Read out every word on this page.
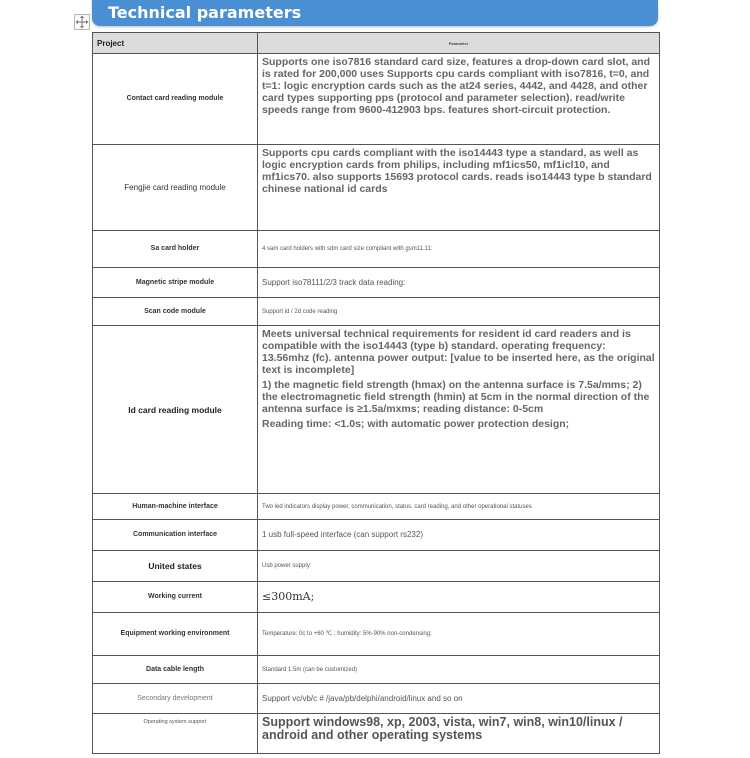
Technical parameters
Project	Parameter
Contact card reading module	Supports one iso7816 standard card size, features a drop-down card slot, and is rated for 200,000 uses Supports cpu cards compliant with iso7816, t=0, and t=1: logic encryption cards such as the at24 series, 4442, and 4428, and other card types supporting pps (protocol and parameter selection). read/write speeds range from 9600-412903 bps. features short-circuit protection.
Fengjie card reading module	Supports cpu cards compliant with the iso14443 type a standard, as well as logic encryption cards from philips, including mf1ics50, mf1icl10, and mf1ics70. also supports 15693 protocol cards. reads iso14443 type b standard chinese national id cards
Sa card holder	4 sam card holders with sdm card size compliant with gsm11.11:
Magnetic stripe module	Support iso78111/2/3 track data reading:
Scan code module	Support id / 2d code reading
Id card reading module	Meets universal technical requirements for resident id card readers and is compatible with the iso14443 (type b) standard. operating frequency: 13.56mhz (fc). antenna power output: [value to be inserted here, as the original text is incomplete]

1) the magnetic field strength (hmax) on the antenna surface is 7.5a/mms; 2) the electromagnetic field strength (hmin) at 5cm in the normal direction of the antenna surface is ≥1.5a/mxms; reading distance: 0-5cm

Reading time: <1.0s; with automatic power protection design;

Human-machine interface	Two led indicators display power, communication, status, card reading, and other operational statuses
Communication interface	1 usb full-speed interface (can support rs232)
United states	Usb power supply:
Working current	≤300mA;
Equipment working environment	Temperature: 0c to +60 ℃ ; humidity: 5%-90% non-condensing;
Data cable length	Standard 1.5m (can be customized)
Secondary development	Support vc/vb/c # /java/pb/delphi/android/linux and so on
Operating system support	Support windows98, xp, 2003, vista, win7, win8, win10/linux / android and other operating systems
